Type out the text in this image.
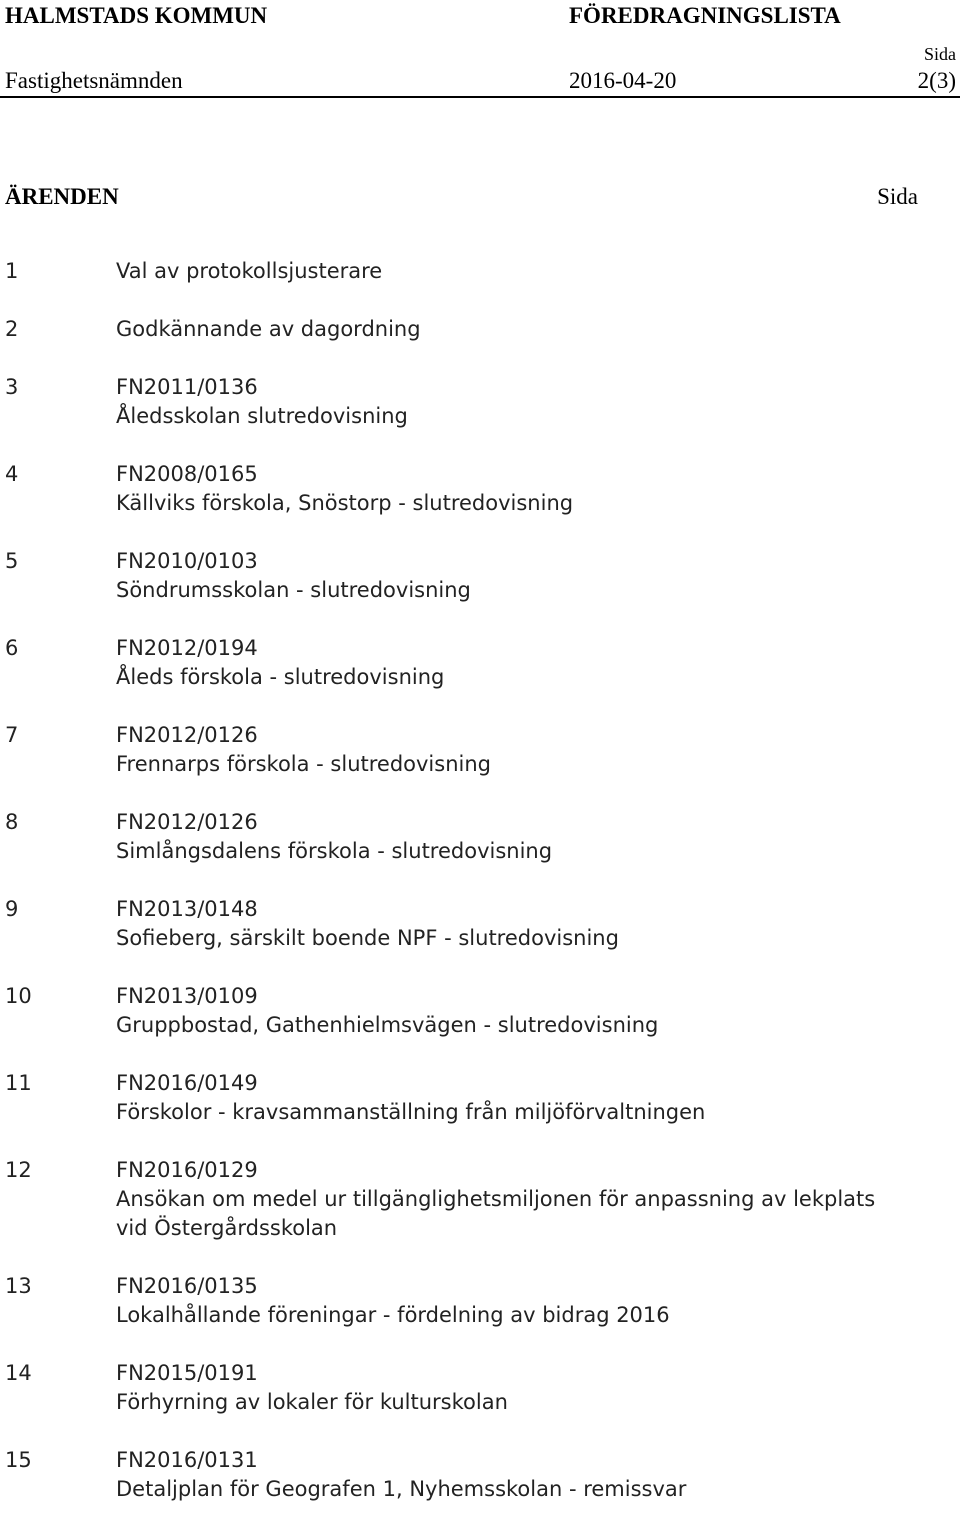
HALMSTADS KOMMUN	FÖREDRAGNINGSLISTA
Sida
Fastighetsnämnden	2016-04-20	2(3)
ÄRENDEN	Sida
1	Val av protokollsjusterare
2	Godkännande av dagordning
3	FN2011/0136
Åledsskolan slutredovisning
4	FN2008/0165
Källviks förskola, Snöstorp - slutredovisning
5	FN2010/0103
Söndrumsskolan - slutredovisning
6	FN2012/0194
Åleds förskola - slutredovisning
7	FN2012/0126
Frennarps förskola - slutredovisning
8	FN2012/0126
Simlångsdalens förskola - slutredovisning
9	FN2013/0148
Sofieberg, särskilt boende NPF - slutredovisning
10	FN2013/0109
Gruppbostad, Gathenhielmsvägen - slutredovisning
11	FN2016/0149
Förskolor - kravsammanställning från miljöförvaltningen
12	FN2016/0129
Ansökan om medel ur tillgänglighetsmiljonen för anpassning av lekplats
vid Östergårdsskolan
13	FN2016/0135
Lokalhållande föreningar - fördelning av bidrag 2016
14	FN2015/0191
Förhyrning av lokaler för kulturskolan
15	FN2016/0131
Detaljplan för Geografen 1, Nyhemsskolan - remissvar
